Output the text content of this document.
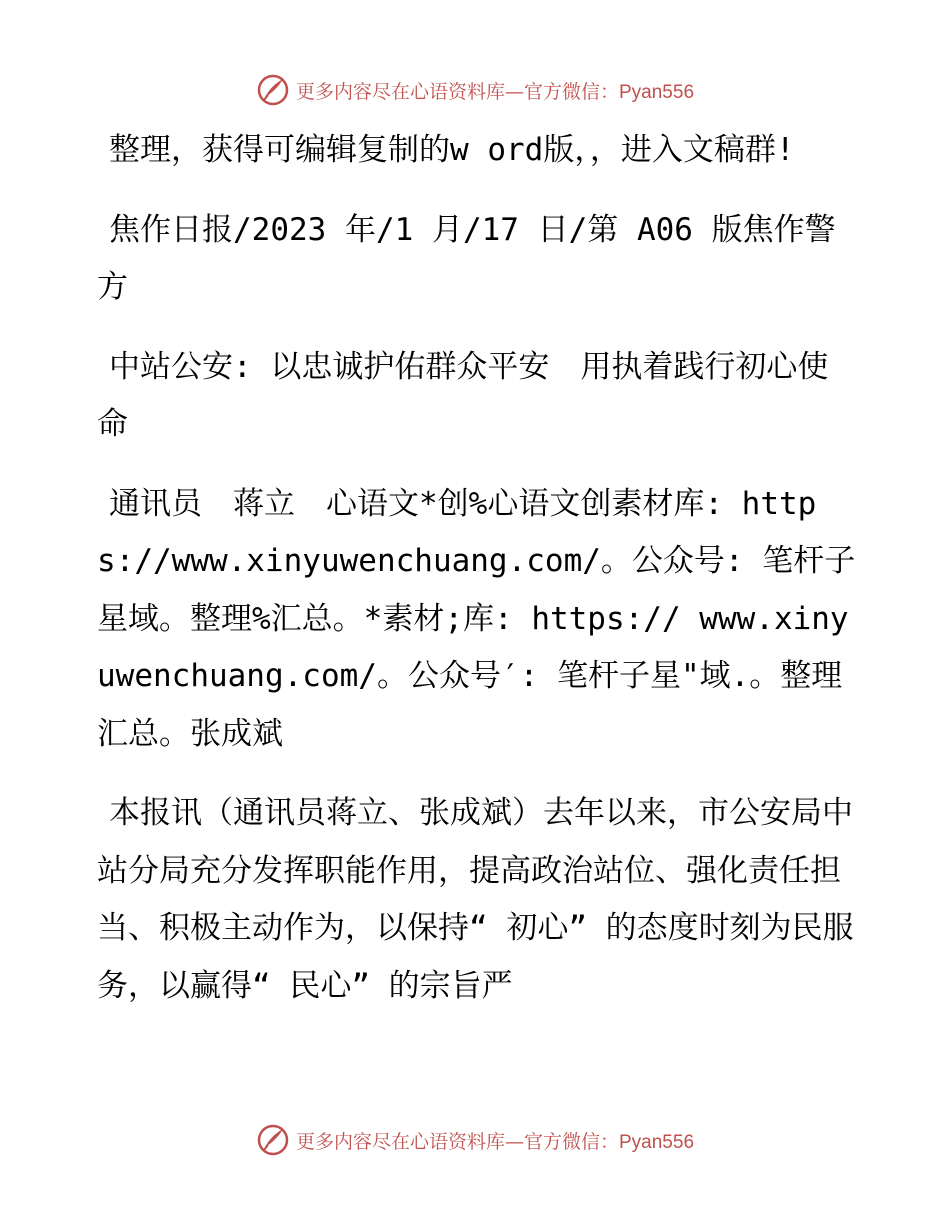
更多内容尽在心语资料库—官方微信：Pyan556

整理，获得可编辑复制的w ord版，，进入文稿群!

焦作日报/2023 年/1 月/17 日/第 A06 版焦作警方

中站公安: 以忠诚护佑群众平安　用执着践行初心使命

通讯员　蒋立　心语文*创%心语文创素材库: https://www.xinyuwenchuang.com/。公众号: 笔杆子星域。整理%汇总。*素材;库: https:// www.xinyuwenchuang.com/。公众号′: 笔杆子星"域.。整理汇总。张成斌

本报讯（通讯员蒋立、张成斌）去年以来，市公安局中站分局充分发挥职能作用，提高政治站位、强化责任担当、积极主动作为，以保持“ 初心” 的态度时刻为民服务，以赢得“ 民心” 的宗旨严

更多内容尽在心语资料库—官方微信：Pyan556
